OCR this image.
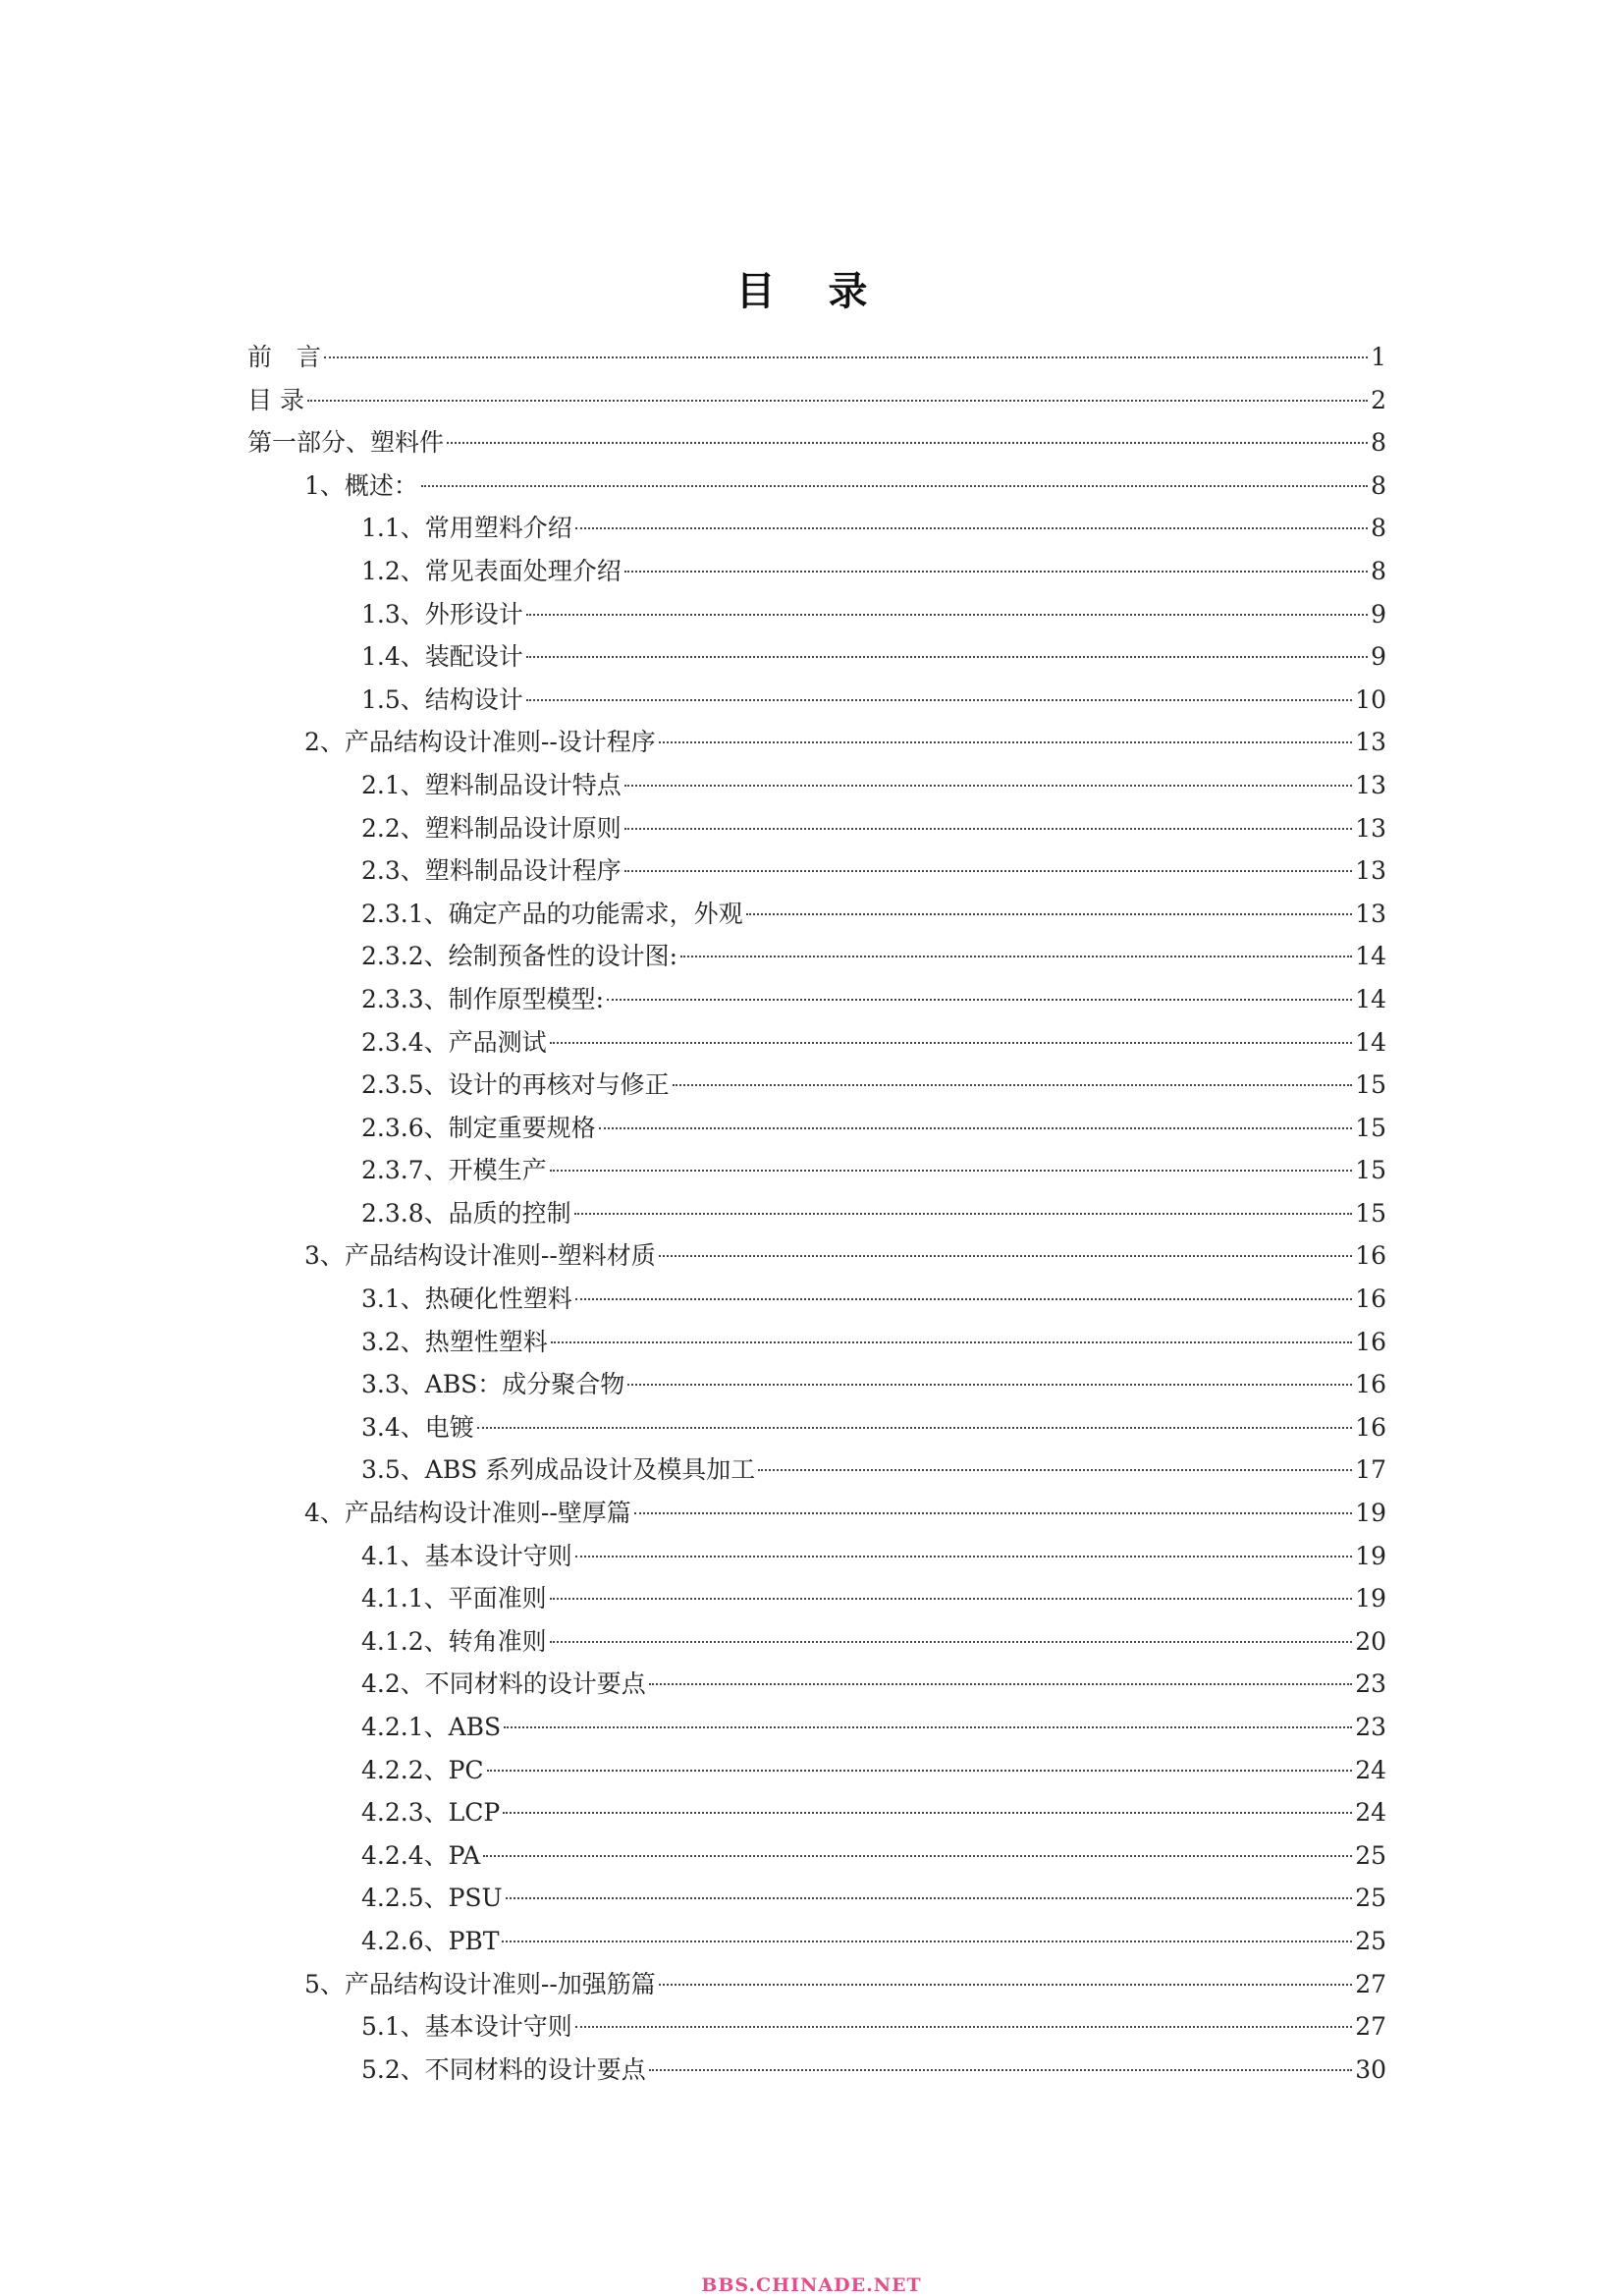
目 录
前　言	1
目 录	2
第一部分、塑料件	8
1、概述：	8
1.1、常用塑料介绍	8
1.2、常见表面处理介绍	8
1.3、外形设计	9
1.4、装配设计	9
1.5、结构设计	10
2、产品结构设计准则--设计程序	13
2.1、塑料制品设计特点	13
2.2、塑料制品设计原则	13
2.3、塑料制品设计程序	13
2.3.1、确定产品的功能需求，外观	13
2.3.2、绘制预备性的设计图:	14
2.3.3、制作原型模型:	14
2.3.4、产品测试	14
2.3.5、设计的再核对与修正	15
2.3.6、制定重要规格	15
2.3.7、开模生产	15
2.3.8、品质的控制	15
3、产品结构设计准则--塑料材质	16
3.1、热硬化性塑料	16
3.2、热塑性塑料	16
3.3、ABS：成分聚合物	16
3.4、电镀	16
3.5、ABS 系列成品设计及模具加工	17
4、产品结构设计准则--壁厚篇	19
4.1、基本设计守则	19
4.1.1、平面准则	19
4.1.2、转角准则	20
4.2、不同材料的设计要点	23
4.2.1、ABS	23
4.2.2、PC	24
4.2.3、LCP	24
4.2.4、PA	25
4.2.5、PSU	25
4.2.6、PBT	25
5、产品结构设计准则--加强筋篇	27
5.1、基本设计守则	27
5.2、不同材料的设计要点	30
BBS.CHINADE.NET
